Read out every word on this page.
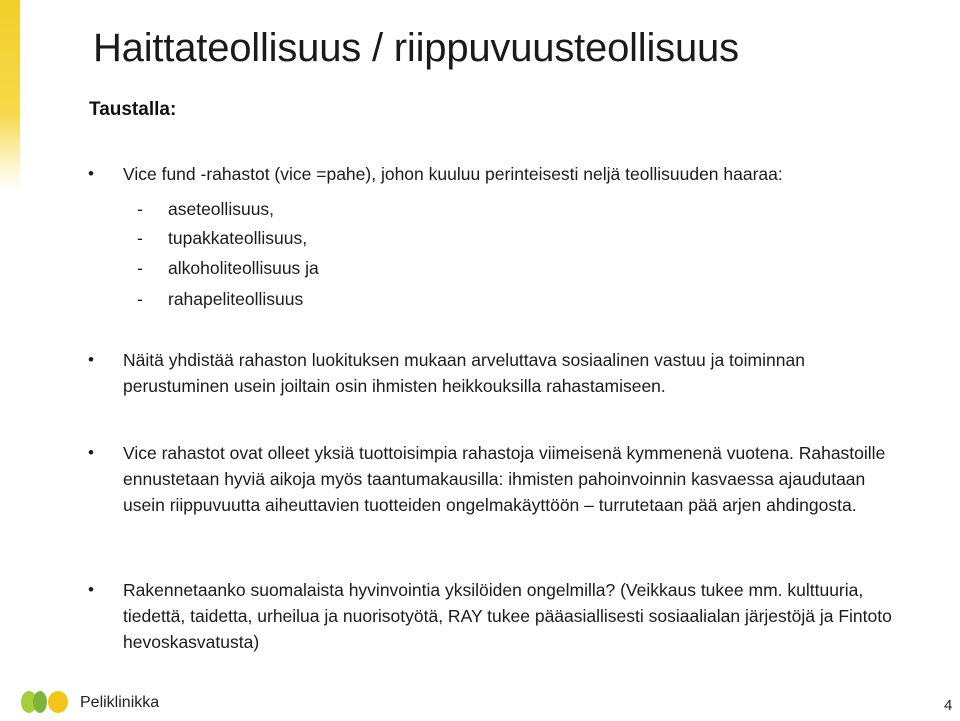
Haittateollisuus / riippuvuusteollisuus
Taustalla:
• Vice fund -rahastot (vice =pahe), johon kuuluu perinteisesti neljä teollisuuden haaraa:
- aseteollisuus,
- tupakkateollisuus,
- alkoholiteollisuus ja
- rahapeliteollisuus
• Näitä yhdistää rahaston luokituksen mukaan arveluttava sosiaalinen vastuu ja toiminnan perustuminen usein joiltain osin ihmisten heikkouksilla rahastamiseen.
• Vice rahastot ovat olleet yksiä tuottoisimpia rahastoja viimeisenä kymmenenä vuotena. Rahastoille ennustetaan hyviä aikoja myös taantumakausilla: ihmisten pahoinvoinnin kasvaessa ajaudutaan usein riippuvuutta aiheuttavien tuotteiden ongelmakäyttöön – turrutetaan pää arjen ahdingosta.
• Rakennetaanko suomalaista hyvinvointia yksilöiden ongelmilla? (Veikkaus tukee mm. kulttuuria, tiedettä, taidetta, urheilua ja nuorisotyötä, RAY tukee pääasiallisesti sosiaalialan järjestöjä ja Fintoto hevoskasvatusta)
Peliklinikka	4
